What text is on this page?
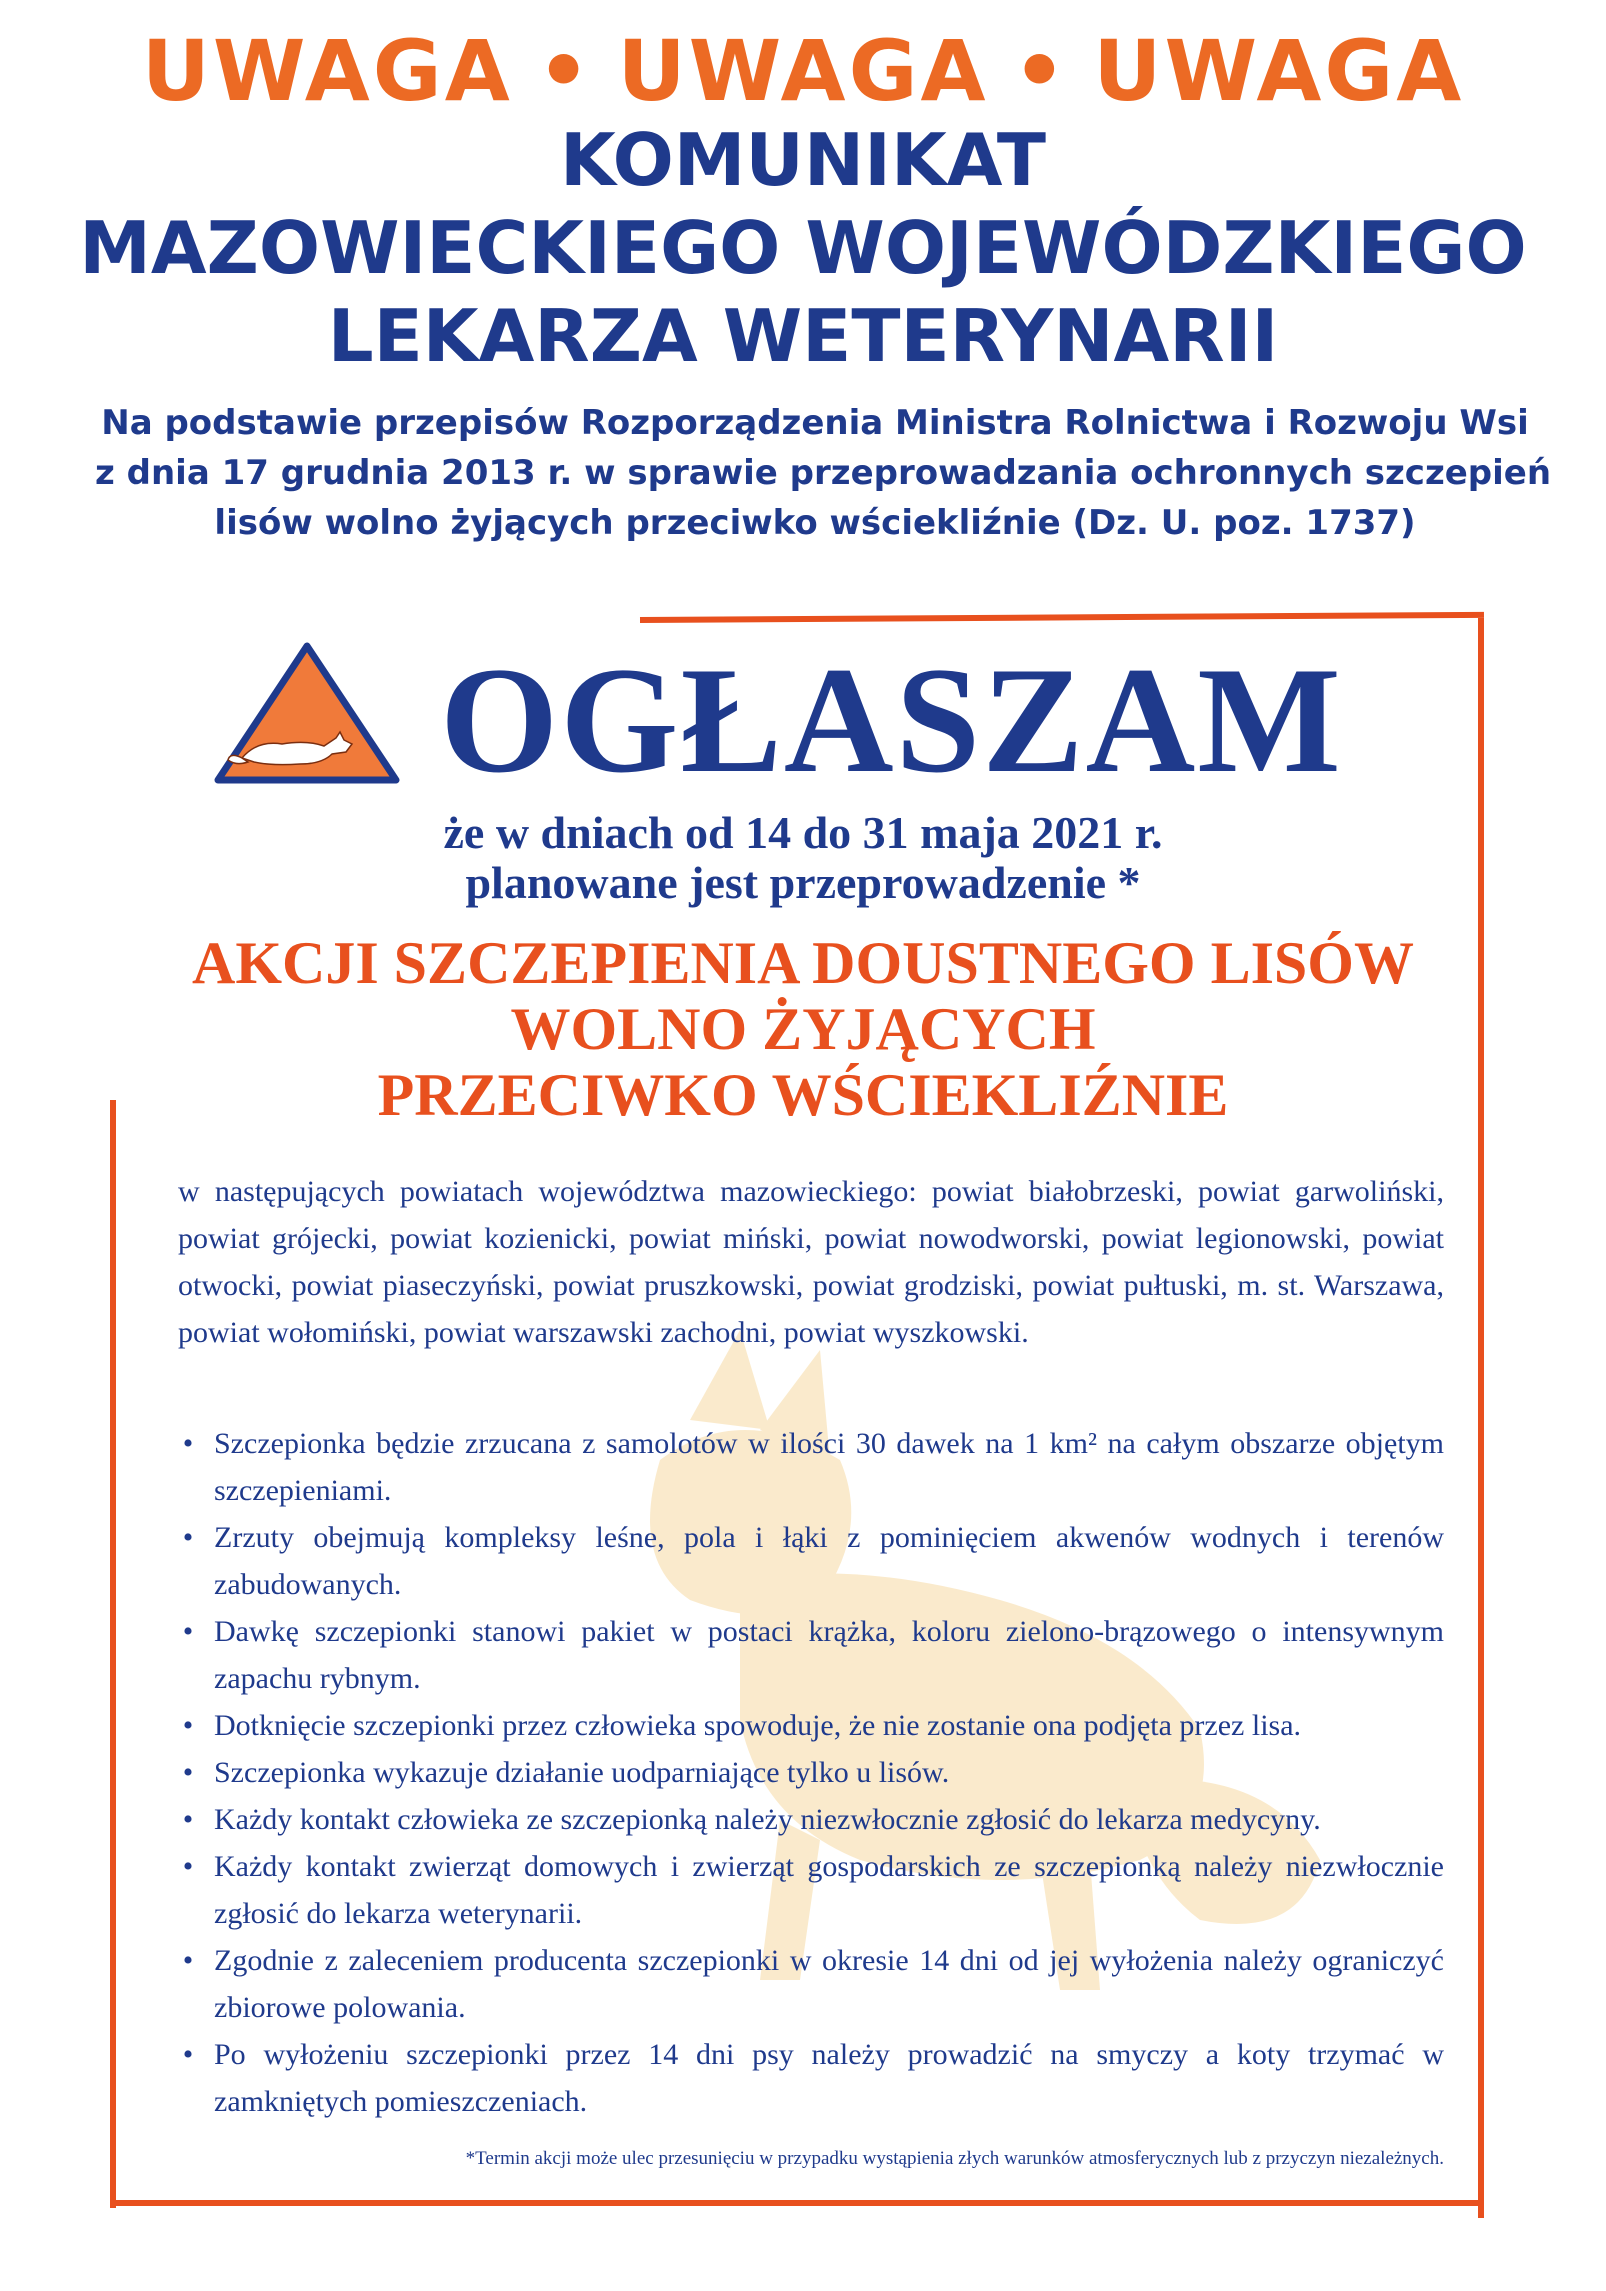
UWAGA • UWAGA • UWAGA
KOMUNIKAT
MAZOWIECKIEGO WOJEWÓDZKIEGO
LEKARZA WETERYNARII
Na podstawie przepisów Rozporządzenia Ministra Rolnictwa i Rozwoju Wsi
z dnia 17 grudnia 2013 r. w sprawie przeprowadzania ochronnych szczepień
lisów wolno żyjących przeciwko wściekliźnie (Dz. U. poz. 1737)
OGŁASZAM
że w dniach od 14 do 31 maja 2021 r.
planowane jest przeprowadzenie *
AKCJI SZCZEPIENIA DOUSTNEGO LISÓW
WOLNO ŻYJĄCYCH
PRZECIWKO WŚCIEKLIŹNIE
w następujących powiatach województwa mazowieckiego: powiat białobrzeski, powiat garwoliński, powiat grójecki, powiat kozienicki, powiat miński, powiat nowodworski, powiat legionowski, powiat otwocki, powiat piaseczyński, powiat pruszkowski, powiat grodziski, powiat pułtuski, m. st. Warszawa, powiat wołomiński, powiat warszawski zachodni, powiat wyszkowski.
• Szczepionka będzie zrzucana z samolotów w ilości 30 dawek na 1 km² na całym obszarze objętym szczepieniami.
• Zrzuty obejmują kompleksy leśne, pola i łąki z pominięciem akwenów wodnych i terenów zabudowanych.
• Dawkę szczepionki stanowi pakiet w postaci krążka, koloru zielono-brązowego o intensywnym zapachu rybnym.
• Dotknięcie szczepionki przez człowieka spowoduje, że nie zostanie ona podjęta przez lisa.
• Szczepionka wykazuje działanie uodparniające tylko u lisów.
• Każdy kontakt człowieka ze szczepionką należy niezwłocznie zgłosić do lekarza medycyny.
• Każdy kontakt zwierząt domowych i zwierząt gospodarskich ze szczepionką należy niezwłocznie zgłosić do lekarza weterynarii.
• Zgodnie z zaleceniem producenta szczepionki w okresie 14 dni od jej wyłożenia należy ograniczyć zbiorowe polowania.
• Po wyłożeniu szczepionki przez 14 dni psy należy prowadzić na smyczy a koty trzymać w zamkniętych pomieszczeniach.
*Termin akcji może ulec przesunięciu w przypadku wystąpienia złych warunków atmosferycznych lub z przyczyn niezależnych.
